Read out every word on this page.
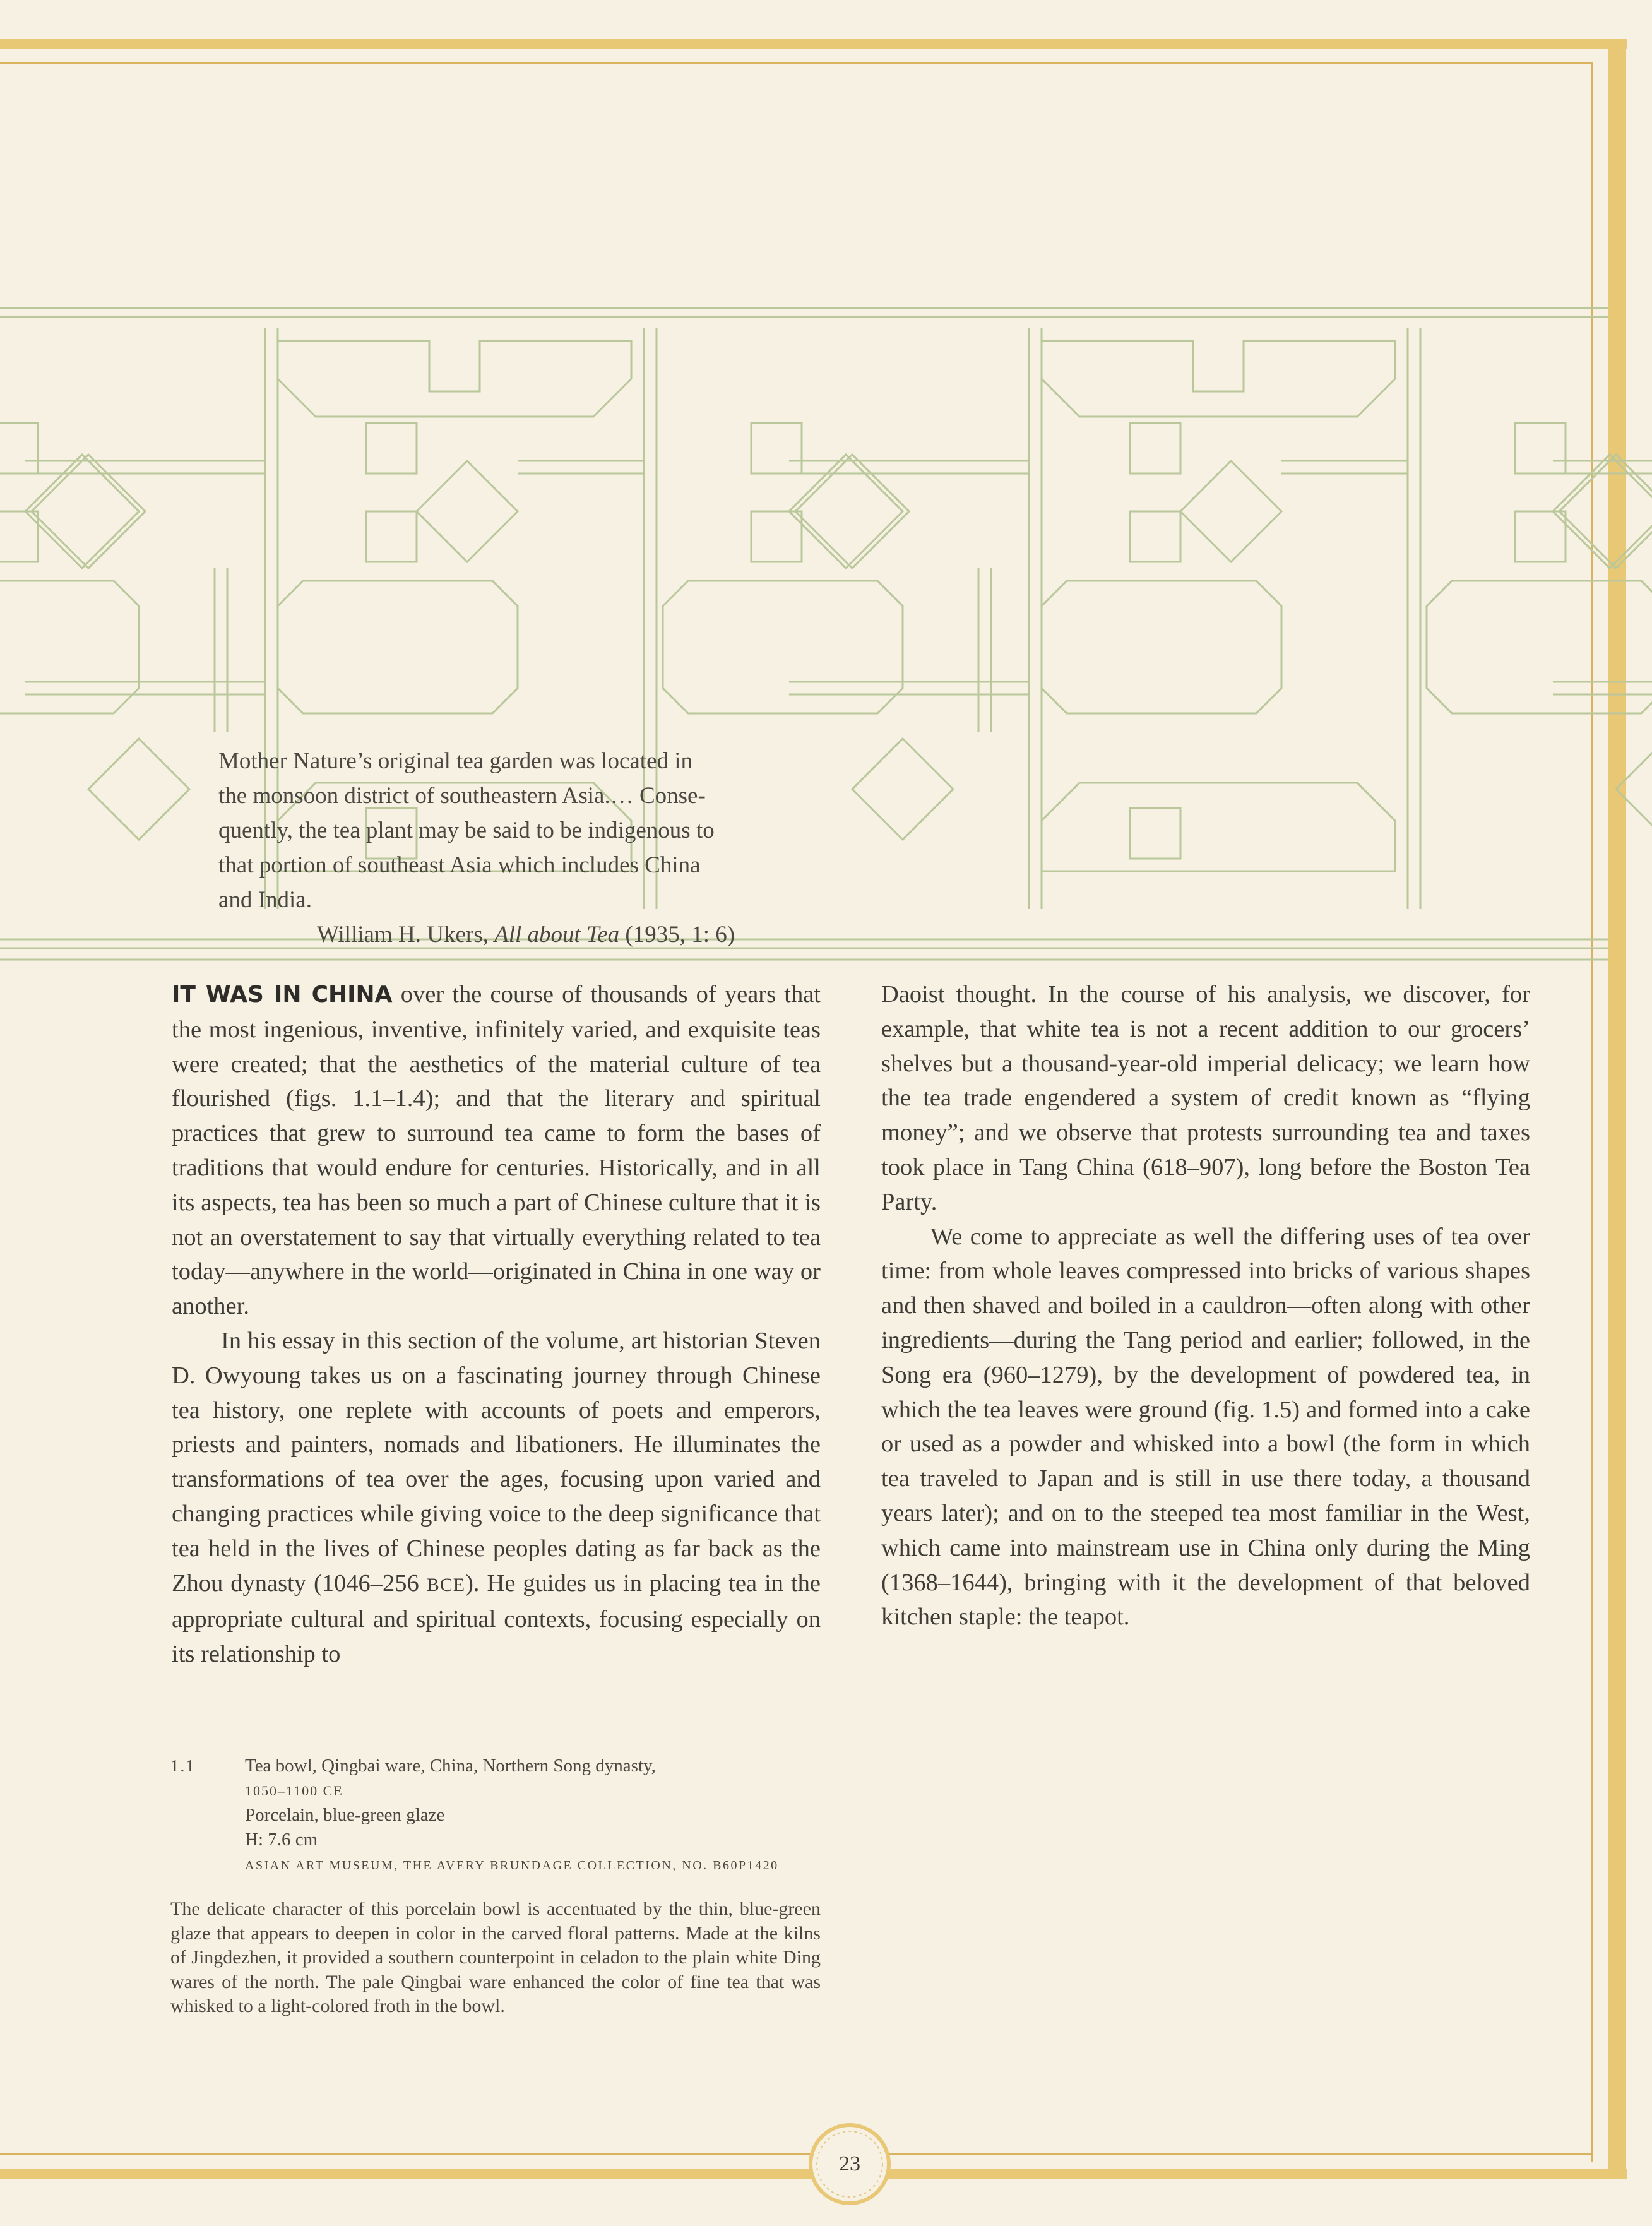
Mother Nature’s original tea garden was located in

the monsoon district of southeastern Asia.… Conse-

quently, the tea plant may be said to be indigenous to

that portion of southeast Asia which includes China

and India.

William H. Ukers, All about Tea (1935, 1: 6)

IT WAS IN CHINA over the course of thousands of years that the most ingenious, inventive, infinitely varied, and exquisite teas were created; that the aesthetics of the material culture of tea flourished (figs. 1.1–1.4); and that the literary and spiritual practices that grew to surround tea came to form the bases of traditions that would endure for centuries. Historically, and in all its aspects, tea has been so much a part of Chinese culture that it is not an overstatement to say that virtually everything related to tea today—anywhere in the world—originated in China in one way or another.

In his essay in this section of the volume, art historian Steven D. Owyoung takes us on a fascinating journey through Chinese tea history, one replete with accounts of poets and emperors, priests and painters, nomads and libationers. He illuminates the transformations of tea over the ages, focusing upon varied and changing practices while giving voice to the deep significance that tea held in the lives of Chinese peoples dating as far back as the Zhou dynasty (1046–256 BCE). He guides us in placing tea in the appropriate cultural and spiritual contexts, focusing especially on its relationship to

Daoist thought. In the course of his analysis, we discover, for example, that white tea is not a recent addition to our grocers’ shelves but a thousand-year-old imperial delicacy; we learn how the tea trade engendered a system of credit known as “flying money”; and we observe that protests surrounding tea and taxes took place in Tang China (618–907), long before the Boston Tea Party.

We come to appreciate as well the differing uses of tea over time: from whole leaves compressed into bricks of various shapes and then shaved and boiled in a cauldron—often along with other ingredients—during the Tang period and earlier; followed, in the Song era (960–1279), by the development of powdered tea, in which the tea leaves were ground (fig. 1.5) and formed into a cake or used as a powder and whisked into a bowl (the form in which tea traveled to Japan and is still in use there today, a thousand years later); and on to the steeped tea most familiar in the West, which came into mainstream use in China only during the Ming (1368–1644), bringing with it the development of that beloved kitchen staple: the teapot.

1.1	Tea bowl, Qingbai ware, China, Northern Song dynasty,
1050–1100 CE
Porcelain, blue-green glaze
H: 7.6 cm
ASIAN ART MUSEUM, THE AVERY BRUNDAGE COLLECTION, NO. B60P1420

The delicate character of this porcelain bowl is accentuated by the thin, blue-green glaze that appears to deepen in color in the carved floral patterns. Made at the kilns of Jingdezhen, it provided a southern counterpoint in celadon to the plain white Ding wares of the north. The pale Qingbai ware enhanced the color of fine tea that was whisked to a light-colored froth in the bowl.

23
